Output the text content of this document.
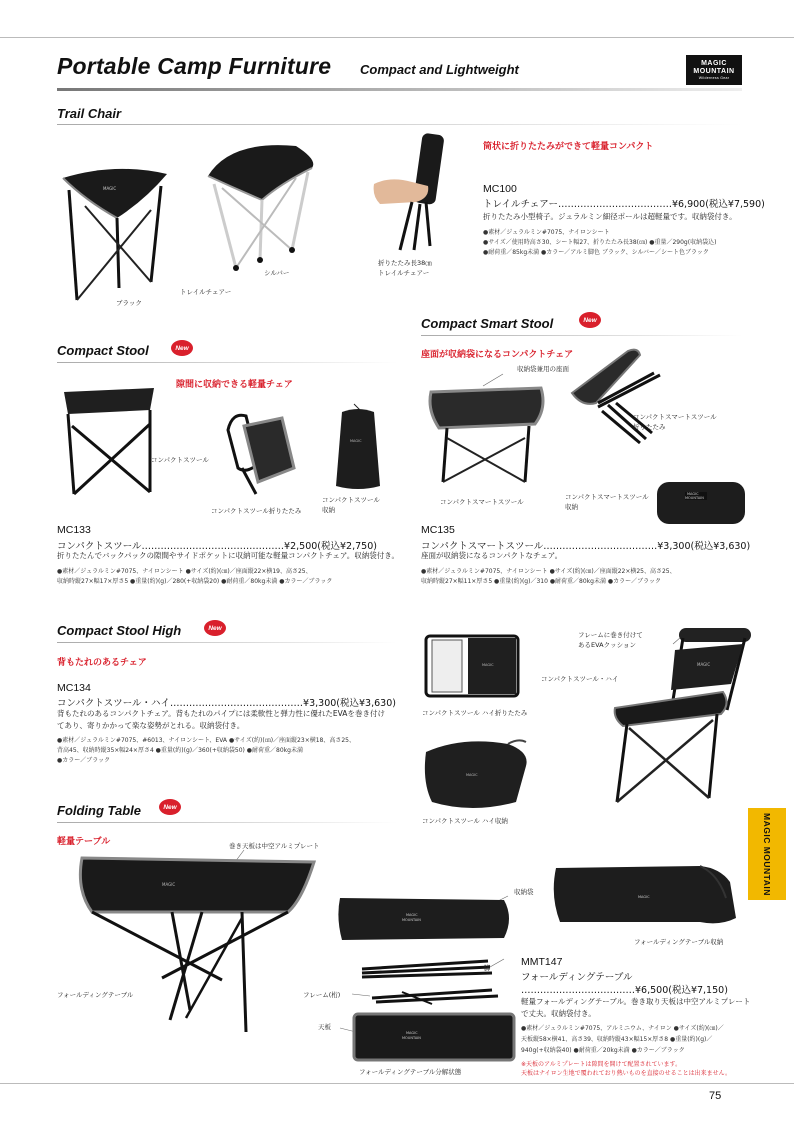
Portable Camp Furniture Compact and Lightweight	MAGIC
MOUNTAIN
Wilderness Gear
Trail Chair
MAGIC
ブラック
シルバー
トレイルチェアー
折りたたみ長38㎝
トレイルチェアー
筒状に折りたたみができて軽量コンパクト
MC100
トレイルチェアー………………………………¥6,900(税込¥7,590)
折りたたみ小型椅子。ジュラルミン細径ポールは超軽量です。収納袋付き。
●素材／ジュラルミン#7075、ナイロンシート
●サイズ／使用時高さ30、シート幅27、折りたたみ長38(㎝) ●重量／290g(収納袋込)
●耐荷重／85kg未満 ●カラー／アルミ脚色 ブラック、シルバー／シート色ブラック
Compact Smart Stool	New
座面が収納袋になるコンパクトチェア
収納袋兼用の座面
コンパクトスマートスツール
コンパクトスマートスツール
折りたたみ
MAGIC
MOUNTAIN
コンパクトスマートスツール
収納
MC135
コンパクトスマートスツール………………………………¥3,300(税込¥3,630)
座面が収納袋になるコンパクトなチェア。
●素材／ジュラルミン#7075、ナイロンシート ●サイズ(約)(㎝)／座面縦22×横25、高さ25、
収納時縦27×幅11×厚さ5 ●重量(約)(g)／310 ●耐荷重／80kg未満 ●カラー／ブラック
Compact Stool	New
隙間に収納できる軽量チェア
コンパクトスツール
コンパクトスツール折りたたみ
MAGIC
コンパクトスツール
収納
MC133
コンパクトスツール………………………………………¥2,500(税込¥2,750)
折りたたんでバックパックの隙間やサイドポケットに収納可能な軽量コンパクトチェア。収納袋付き。
●素材／ジュラルミン#7075、ナイロンシート ●サイズ(約)(㎝)／座面縦22×横19、高さ25、
収納時縦27×幅17×厚さ5 ●重量(約)(g)／280(+収納袋20) ●耐荷重／80kg未満 ●カラー／ブラック
Compact Stool High	New
背もたれのあるチェア
MC134
コンパクトスツール・ハイ……………………………………¥3,300(税込¥3,630)
背もたれのあるコンパクトチェア。背もたれのパイプには柔軟性と弾力性に優れたEVAを巻き付け
てあり、寄りかかって楽な姿勢がとれる。収納袋付き。
●素材／ジュラルミン#7075、#6013、ナイロンシート、EVA ●サイズ(約)(㎝)／座面縦23×横18、高さ25、
背高45、収納時縦35×幅24×厚さ4 ●重量(約)(g)／360(+収納袋50) ●耐荷重／80kg未満
●カラー／ブラック
MAGIC
コンパクトスツール ハイ折りたたみ
MAGIC
コンパクトスツール ハイ収納
フレームに巻き付けて
あるEVAクッション
MAGIC
コンパクトスツール・ハイ
Folding Table	New
軽量テーブル	巻き天板は中空アルミプレート
MAGIC
フォールディングテーブル
MAGIC
MOUNTAIN
収納袋
脚
フレーム(桁)
MAGIC
MOUNTAIN
天板
フォールディングテーブル分解状態
MAGIC
フォールディングテーブル収納
MMT147
フォールディングテーブル
………………………………¥6,500(税込¥7,150)
軽量フォールディングテーブル。巻き取り天板は中空アルミプレート
で丈夫。収納袋付き。
●素材／ジュラルミン#7075、アルミニウム、ナイロン ●サイズ(約)(㎝)／
天板縦58×横41、高さ39、収納時縦43×幅15×厚さ8 ●重量(約)(g)／
940g(+収納袋40) ●耐荷重／20kg未満 ●カラー／ブラック
※天板のアルミプレートは隙間を開けて配置されています。
天板はナイロン生地で覆われており熱いものを直接のせることは出来ません。
MAGIC MOUNTAIN
75
